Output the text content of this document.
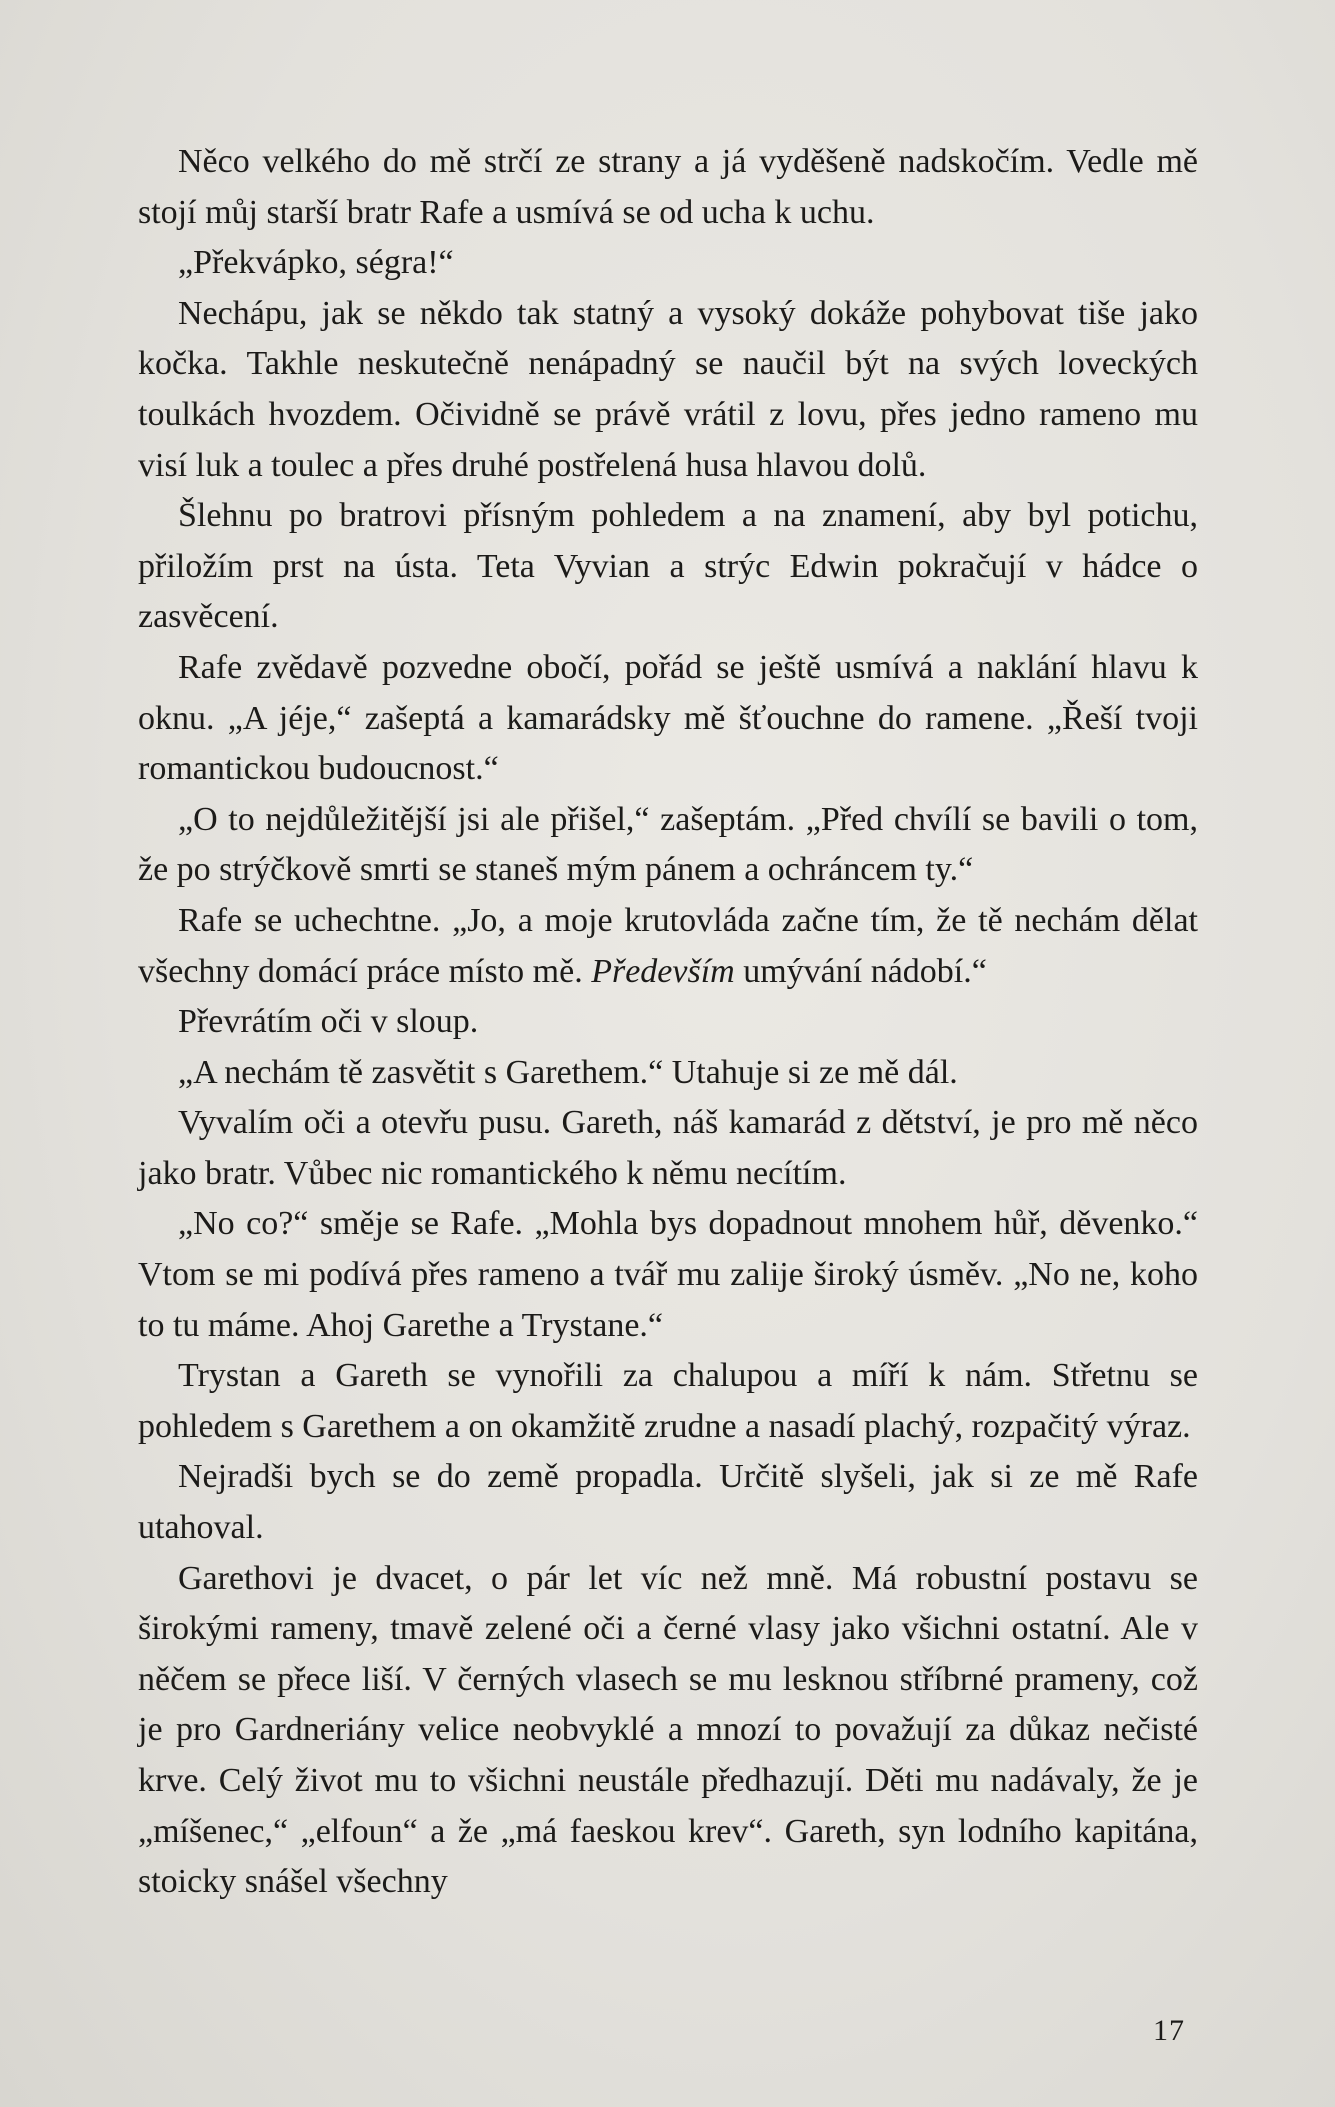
Něco velkého do mě strčí ze strany a já vyděšeně nadskočím. Vedle mě stojí můj starší bratr Rafe a usmívá se od ucha k uchu.

„Překvápko, ségra!“

Nechápu, jak se někdo tak statný a vysoký dokáže pohybovat tiše jako kočka. Takhle neskutečně nenápadný se naučil být na svých loveckých toulkách hvozdem. Očividně se právě vrátil z lovu, přes jedno rameno mu visí luk a toulec a přes druhé postřelená husa hlavou dolů.

Šlehnu po bratrovi přísným pohledem a na znamení, aby byl potichu, přiložím prst na ústa. Teta Vyvian a strýc Edwin pokračují v hádce o zasvěcení.

Rafe zvědavě pozvedne obočí, pořád se ještě usmívá a naklání hlavu k oknu. „A jéje,“ zašeptá a kamarádsky mě šťouchne do ramene. „Řeší tvoji romantickou budoucnost.“

„O to nejdůležitější jsi ale přišel,“ zašeptám. „Před chvílí se bavili o tom, že po strýčkově smrti se staneš mým pánem a ochráncem ty.“

Rafe se uchechtne. „Jo, a moje krutovláda začne tím, že tě nechám dělat všechny domácí práce místo mě. Především umývání nádobí.“

Převrátím oči v sloup.

„A nechám tě zasvětit s Garethem.“ Utahuje si ze mě dál.

Vyvalím oči a otevřu pusu. Gareth, náš kamarád z dětství, je pro mě něco jako bratr. Vůbec nic romantického k němu necítím.

„No co?“ směje se Rafe. „Mohla bys dopadnout mnohem hůř, děvenko.“ Vtom se mi podívá přes rameno a tvář mu zalije široký úsměv. „No ne, koho to tu máme. Ahoj Garethe a Trystane.“

Trystan a Gareth se vynořili za chalupou a míří k nám. Střetnu se pohledem s Garethem a on okamžitě zrudne a nasadí plachý, rozpačitý výraz.

Nejradši bych se do země propadla. Určitě slyšeli, jak si ze mě Rafe utahoval.

Garethovi je dvacet, o pár let víc než mně. Má robustní postavu se širokými rameny, tmavě zelené oči a černé vlasy jako všichni ostatní. Ale v něčem se přece liší. V černých vlasech se mu lesknou stříbrné prameny, což je pro Gardneriány velice neobvyklé a mnozí to považují za důkaz nečisté krve. Celý život mu to všichni neustále předhazují. Děti mu nadávaly, že je „míšenec,“ „elfoun“ a že „má faeskou krev“. Gareth, syn lodního kapitána, stoicky snášel všechny

17
